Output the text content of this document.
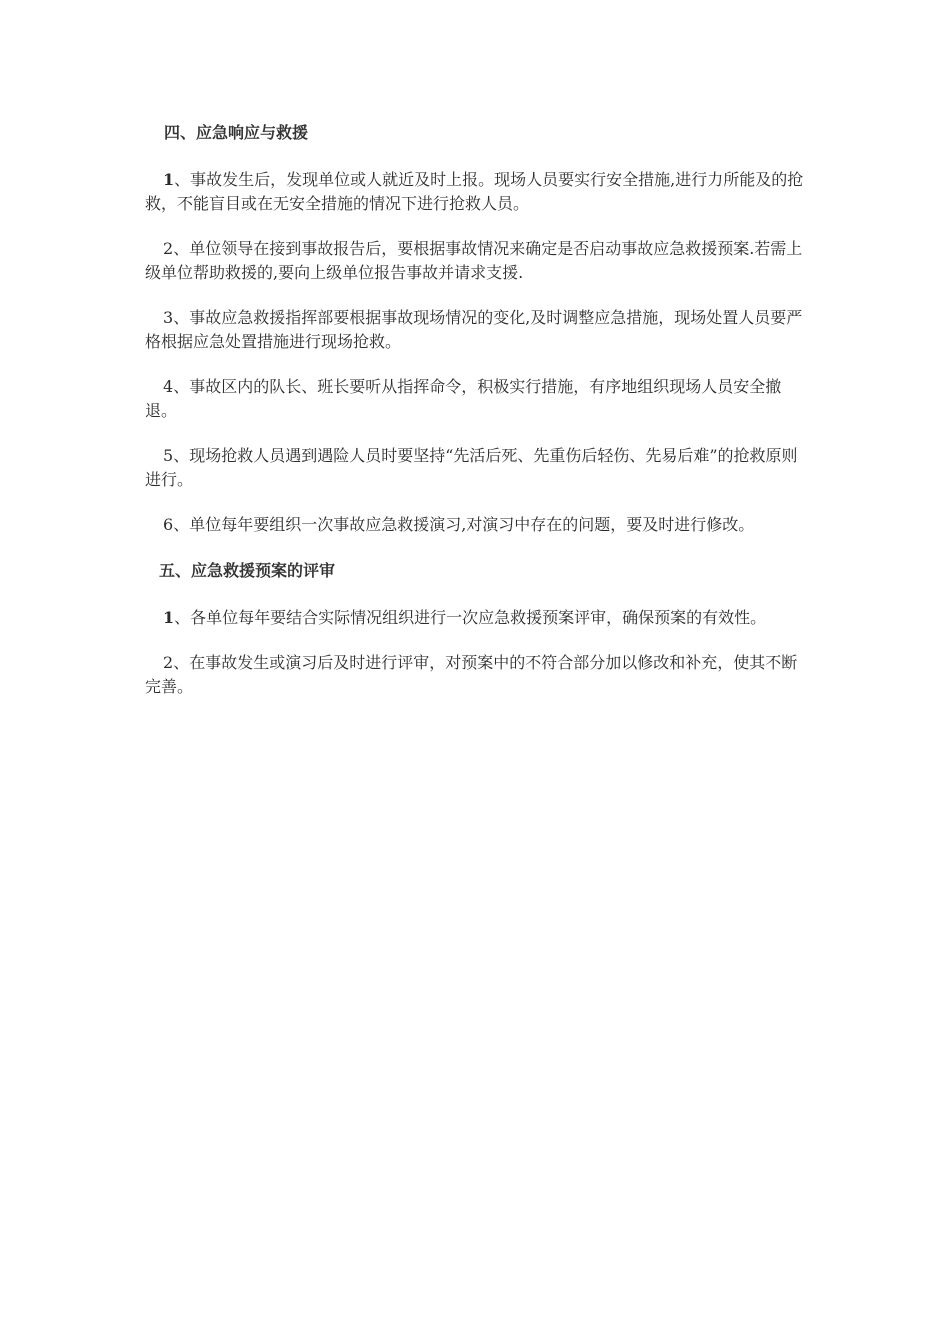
四、应急响应与救援

1、事故发生后，发现单位或人就近及时上报。现场人员要实行安全措施,进行力所能及的抢救，不能盲目或在无安全措施的情况下进行抢救人员。

2、单位领导在接到事故报告后，要根据事故情况来确定是否启动事故应急救援预案.若需上级单位帮助救援的,要向上级单位报告事故并请求支援.

3、事故应急救援指挥部要根据事故现场情况的变化,及时调整应急措施，现场处置人员要严格根据应急处置措施进行现场抢救。

4、事故区内的队长、班长要听从指挥命令，积极实行措施，有序地组织现场人员安全撤退。

5、现场抢救人员遇到遇险人员时要坚持“先活后死、先重伤后轻伤、先易后难”的抢救原则进行。

6、单位每年要组织一次事故应急救援演习,对演习中存在的问题，要及时进行修改。

五、应急救援预案的评审

1、各单位每年要结合实际情况组织进行一次应急救援预案评审，确保预案的有效性。

2、在事故发生或演习后及时进行评审，对预案中的不符合部分加以修改和补充，使其不断完善。
